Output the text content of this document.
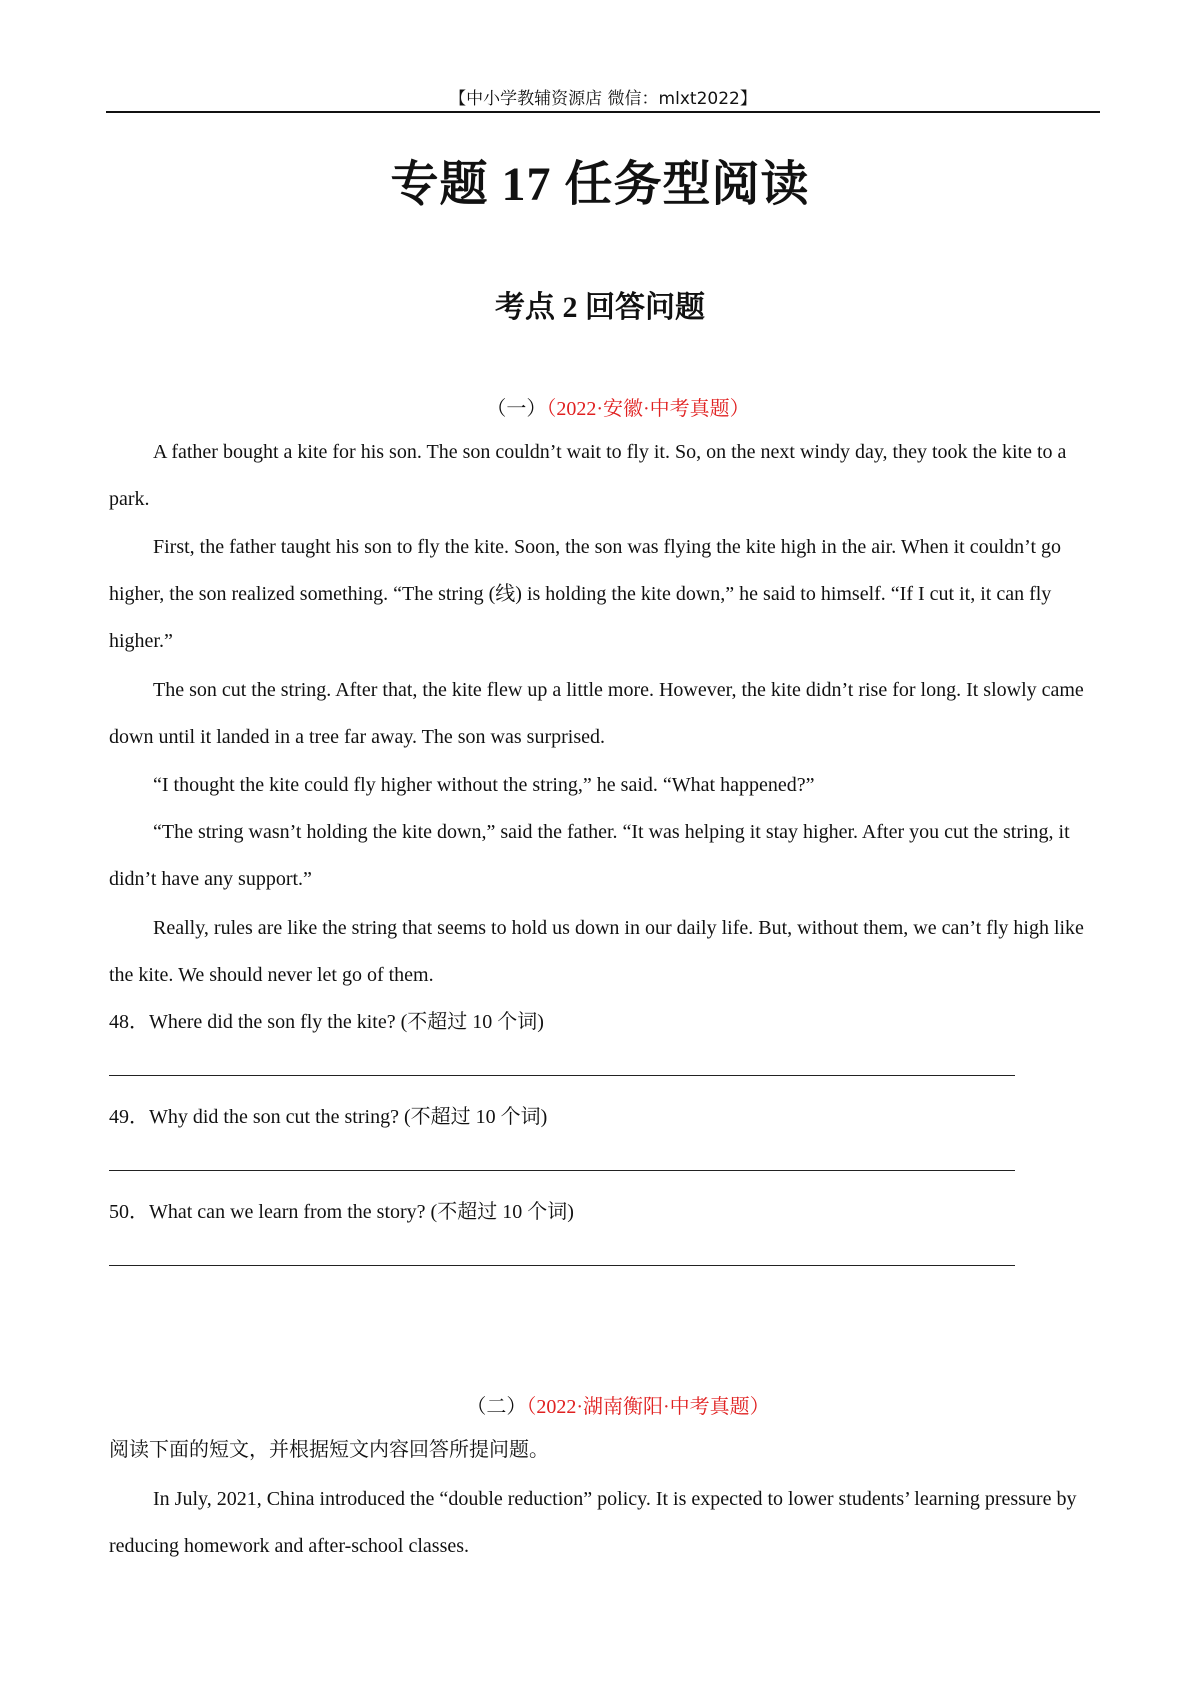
【中小学教辅资源店 微信：mlxt2022】
专题 17 任务型阅读
考点 2 回答问题
（一）（2022·安徽·中考真题）

A father bought a kite for his son. The son couldn’t wait to fly it. So, on the next windy day, they took the kite to a park.

First, the father taught his son to fly the kite. Soon, the son was flying the kite high in the air. When it couldn’t go higher, the son realized something. “The string (线) is holding the kite down,” he said to himself. “If I cut it, it can fly higher.”

The son cut the string. After that, the kite flew up a little more. However, the kite didn’t rise for long. It slowly came down until it landed in a tree far away. The son was surprised.

“I thought the kite could fly higher without the string,” he said. “What happened?”

“The string wasn’t holding the kite down,” said the father. “It was helping it stay higher. After you cut the string, it didn’t have any support.”

Really, rules are like the string that seems to hold us down in our daily life. But, without them, we can’t fly high like the kite. We should never let go of them.

48．Where did the son fly the kite? (不超过 10 个词)
49．Why did the son cut the string? (不超过 10 个词)
50．What can we learn from the story? (不超过 10 个词)
（二）（2022·湖南衡阳·中考真题）
阅读下面的短文，并根据短文内容回答所提问题。

In July, 2021, China introduced the “double reduction” policy. It is expected to lower students’ learning pressure by reducing homework and after-school classes.
